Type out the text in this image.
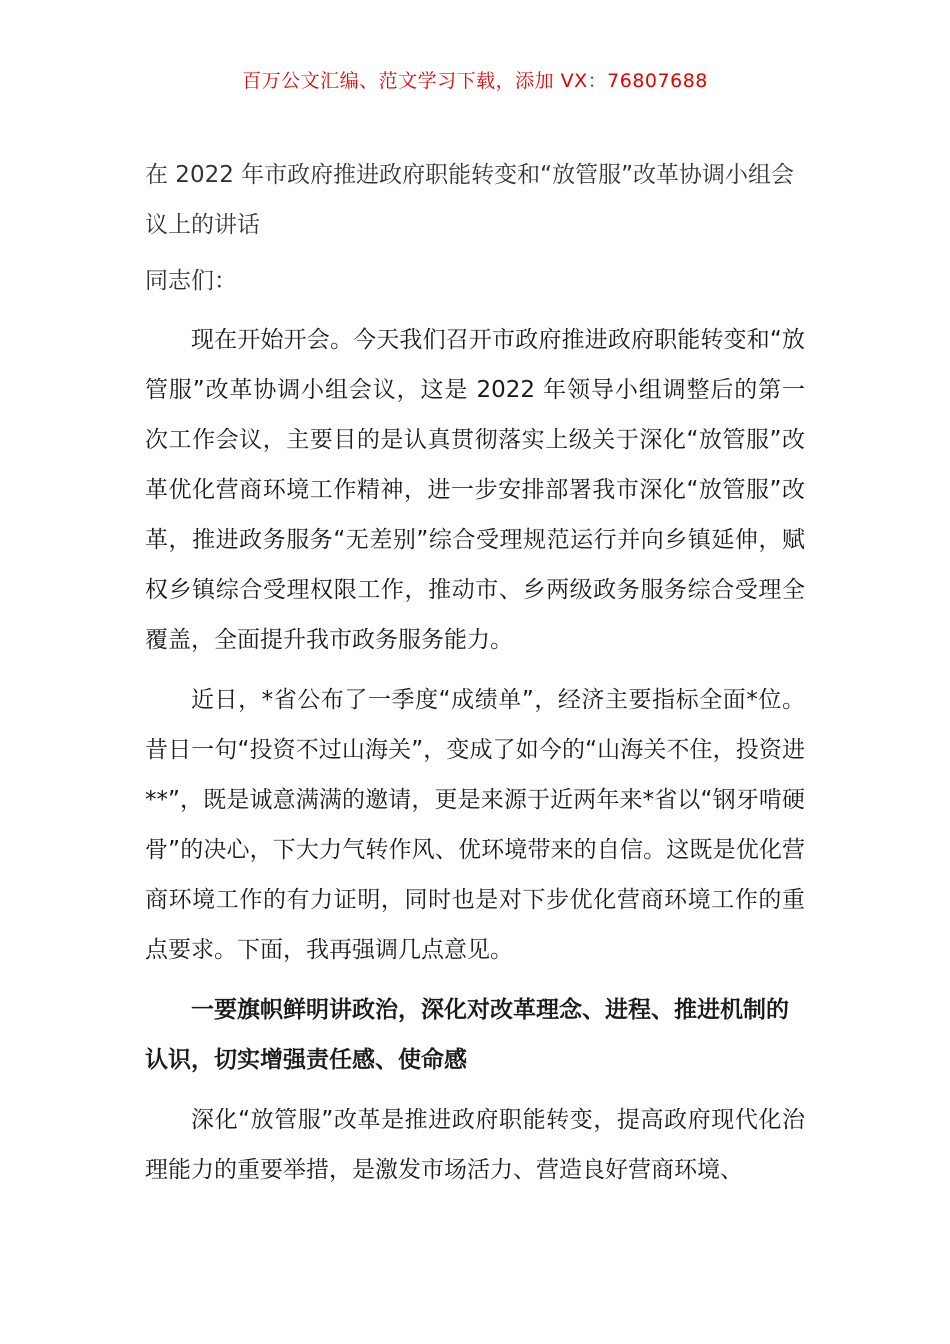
百万公文汇编、范文学习下载，添加 VX：76807688
在 2022 年市政府推进政府职能转变和“放管服”改革协调小组会议上的讲话

同志们：

现在开始开会。今天我们召开市政府推进政府职能转变和“放管服”改革协调小组会议，这是 2022 年领导小组调整后的第一次工作会议，主要目的是认真贯彻落实上级关于深化“放管服”改革优化营商环境工作精神，进一步安排部署我市深化“放管服”改革，推进政务服务“无差别”综合受理规范运行并向乡镇延伸，赋权乡镇综合受理权限工作，推动市、乡两级政务服务综合受理全覆盖，全面提升我市政务服务能力。

近日，*省公布了一季度“成绩单”，经济主要指标全面*位。昔日一句“投资不过山海关”，变成了如今的“山海关不住，投资进**”，既是诚意满满的邀请，更是来源于近两年来*省以“钢牙啃硬骨”的决心，下大力气转作风、优环境带来的自信。这既是优化营商环境工作的有力证明，同时也是对下步优化营商环境工作的重点要求。下面，我再强调几点意见。

一要旗帜鲜明讲政治，深化对改革理念、进程、推进机制的认识，切实增强责任感、使命感

深化“放管服”改革是推进政府职能转变，提高政府现代化治理能力的重要举措，是激发市场活力、营造良好营商环境、
